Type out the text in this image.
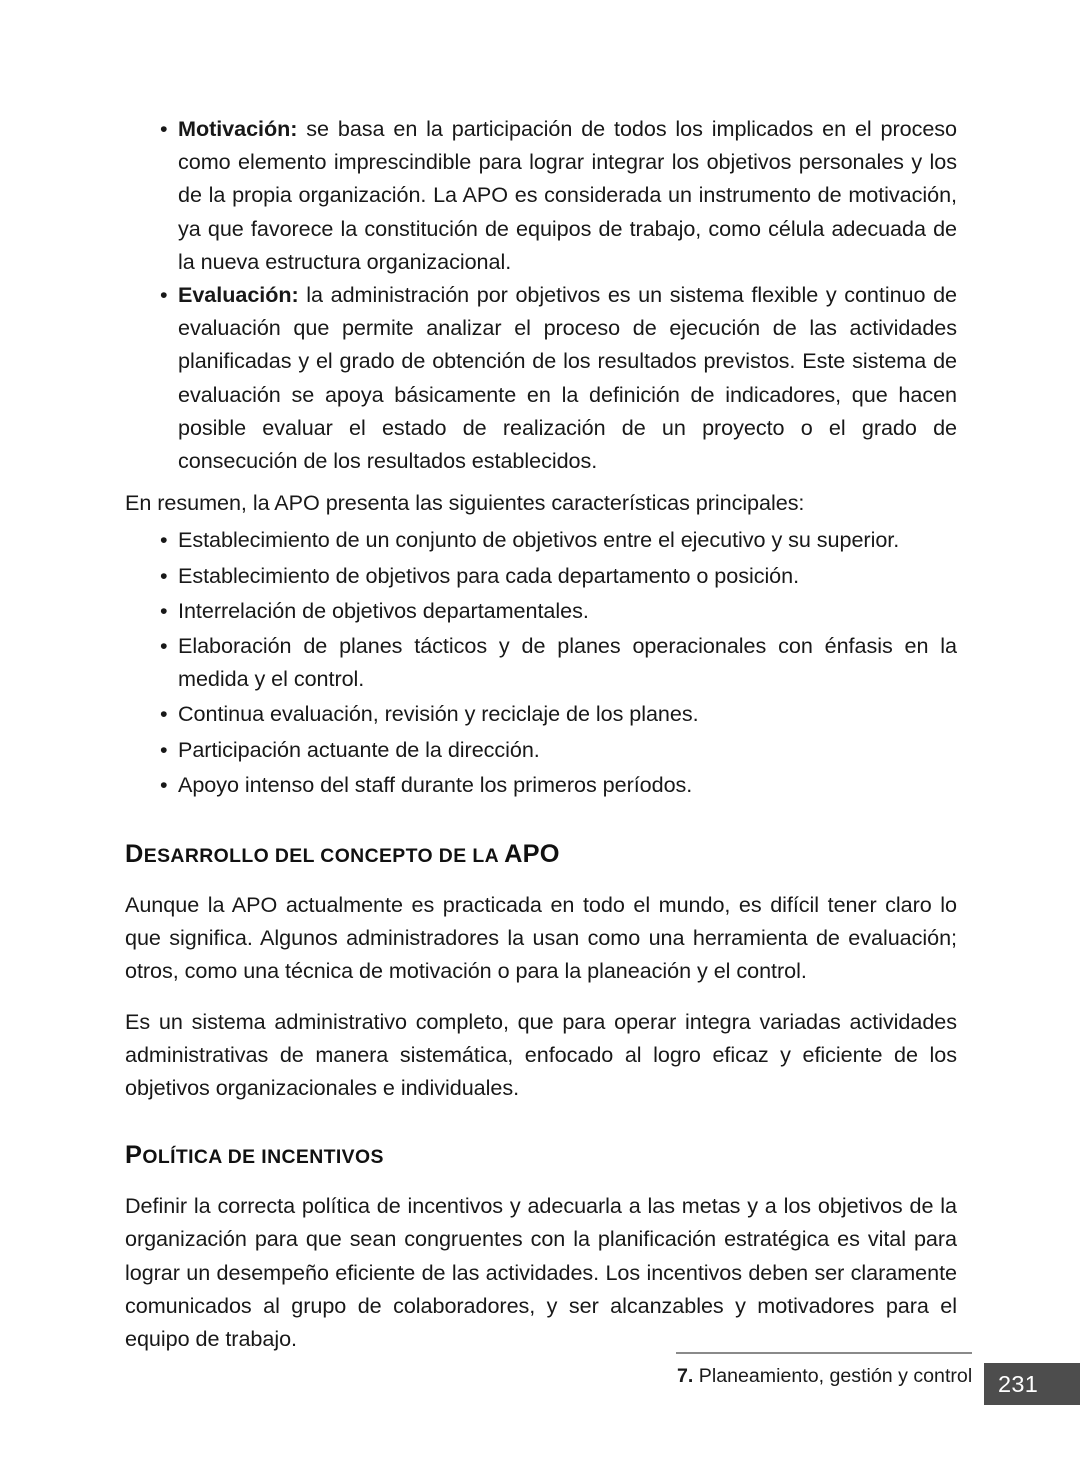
• Motivación: se basa en la participación de todos los implicados en el proceso como elemento imprescindible para lograr integrar los objetivos personales y los de la propia organización. La APO es considerada un instrumento de motivación, ya que favorece la constitución de equipos de trabajo, como célula adecuada de la nueva estructura organizacional.
• Evaluación: la administración por objetivos es un sistema flexible y continuo de evaluación que permite analizar el proceso de ejecución de las actividades planificadas y el grado de obtención de los resultados previstos. Este sistema de evaluación se apoya básicamente en la definición de indicadores, que hacen posible evaluar el estado de realización de un proyecto o el grado de consecución de los resultados establecidos.

En resumen, la APO presenta las siguientes características principales:

• Establecimiento de un conjunto de objetivos entre el ejecutivo y su superior.
• Establecimiento de objetivos para cada departamento o posición.
• Interrelación de objetivos departamentales.
• Elaboración de planes tácticos y de planes operacionales con énfasis en la medida y el control.
• Continua evaluación, revisión y reciclaje de los planes.
• Participación actuante de la dirección.
• Apoyo intenso del staff durante los primeros períodos.
DESARROLLO DEL CONCEPTO DE LA APO

Aunque la APO actualmente es practicada en todo el mundo, es difícil tener claro lo que significa. Algunos administradores la usan como una herramienta de evaluación; otros, como una técnica de motivación o para la planeación y el control.

Es un sistema administrativo completo, que para operar integra variadas actividades administrativas de manera sistemática, enfocado al logro eficaz y eficiente de los objetivos organizacionales e individuales.

POLÍTICA DE INCENTIVOS

Definir la correcta política de incentivos y adecuarla a las metas y a los objetivos de la organización para que sean congruentes con la planificación estratégica es vital para lograr un desempeño eficiente de las actividades. Los incentivos deben ser claramente comunicados al grupo de colaboradores, y ser alcanzables y motivadores para el equipo de trabajo.

7. Planeamiento, gestión y control 231
